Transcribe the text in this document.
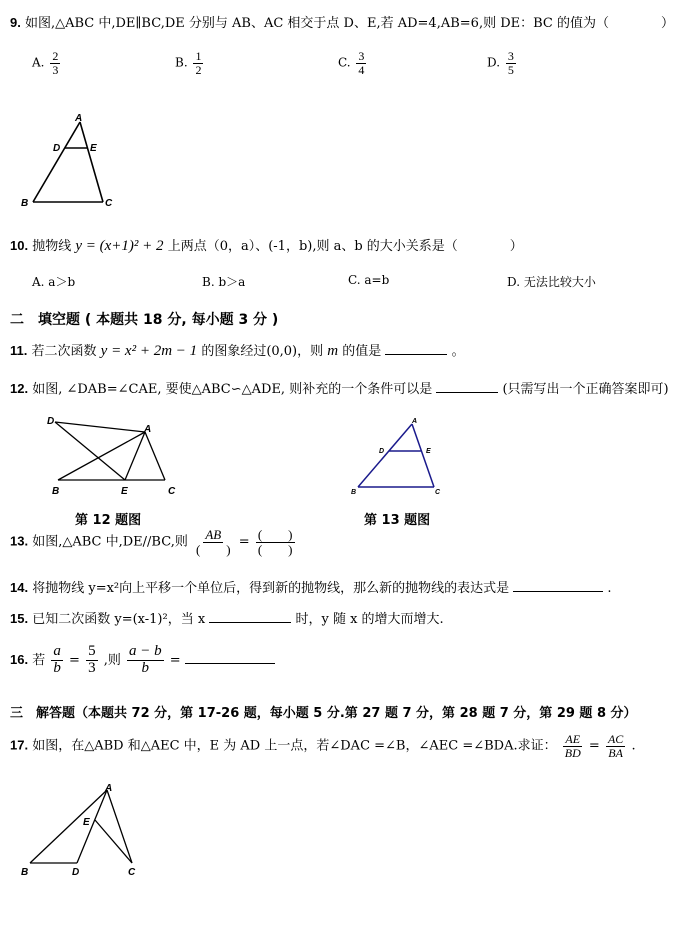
9. 如图,△ABC 中,DE∥BC,DE 分别与 AB、AC 相交于点 D、E,若 AD=4,AB=6,则 DE：BC 的值为（　　　　）
A. $\frac{2}{3}$	B. $\frac{1}{2}$	C. $\frac{3}{4}$	D. $\frac{3}{5}$
A
D	E
B	C
10. 抛物线 y = (x+1)² + 2 上两点（0，a）、(-1，b),则 a、b 的大小关系是（　　　　）
A. a＞b	B. b＞a	C. a=b	D. 无法比较大小
二　填空题 ( 本题共 18 分, 每小题 3 分 )
11. 若二次函数 y = x² + 2m − 1 的图象经过(0,0)，则 m 的值是	。
12. 如图, ∠DAB=∠CAE, 要使△ABC∽△ADE, 则补充的一个条件可以是	(只需写出一个正确答案即可)
D
A
B	E	C
第 12 题图
A
D	E
B	C
第 13 题图
13. 如图,△ABC 中,DE//BC,则 $\frac{AB}{( )} = \frac{( )}{( )}$
14. 将抛物线 y=x²向上平移一个单位后，得到新的抛物线，那么新的抛物线的表达式是	.
15. 已知二次函数 y=(x-1)²，当 x	时，y 随 x 的增大而增大.
16. 若 $\frac{a}{b} = \frac{5}{3}$ ,则 $\frac{a - b}{b}$ =
三　解答题（本题共 72 分，第 17-26 题，每小题 5 分.第 27 题 7 分，第 28 题 7 分，第 29 题 8 分）
17. 如图，在△ABD 和△AEC 中，E 为 AD 上一点，若∠DAC =∠B，∠AEC =∠BDA.求证： $\frac{AE}{BD} = \frac{AC}{BA}$ .
A
E
B	D	C
